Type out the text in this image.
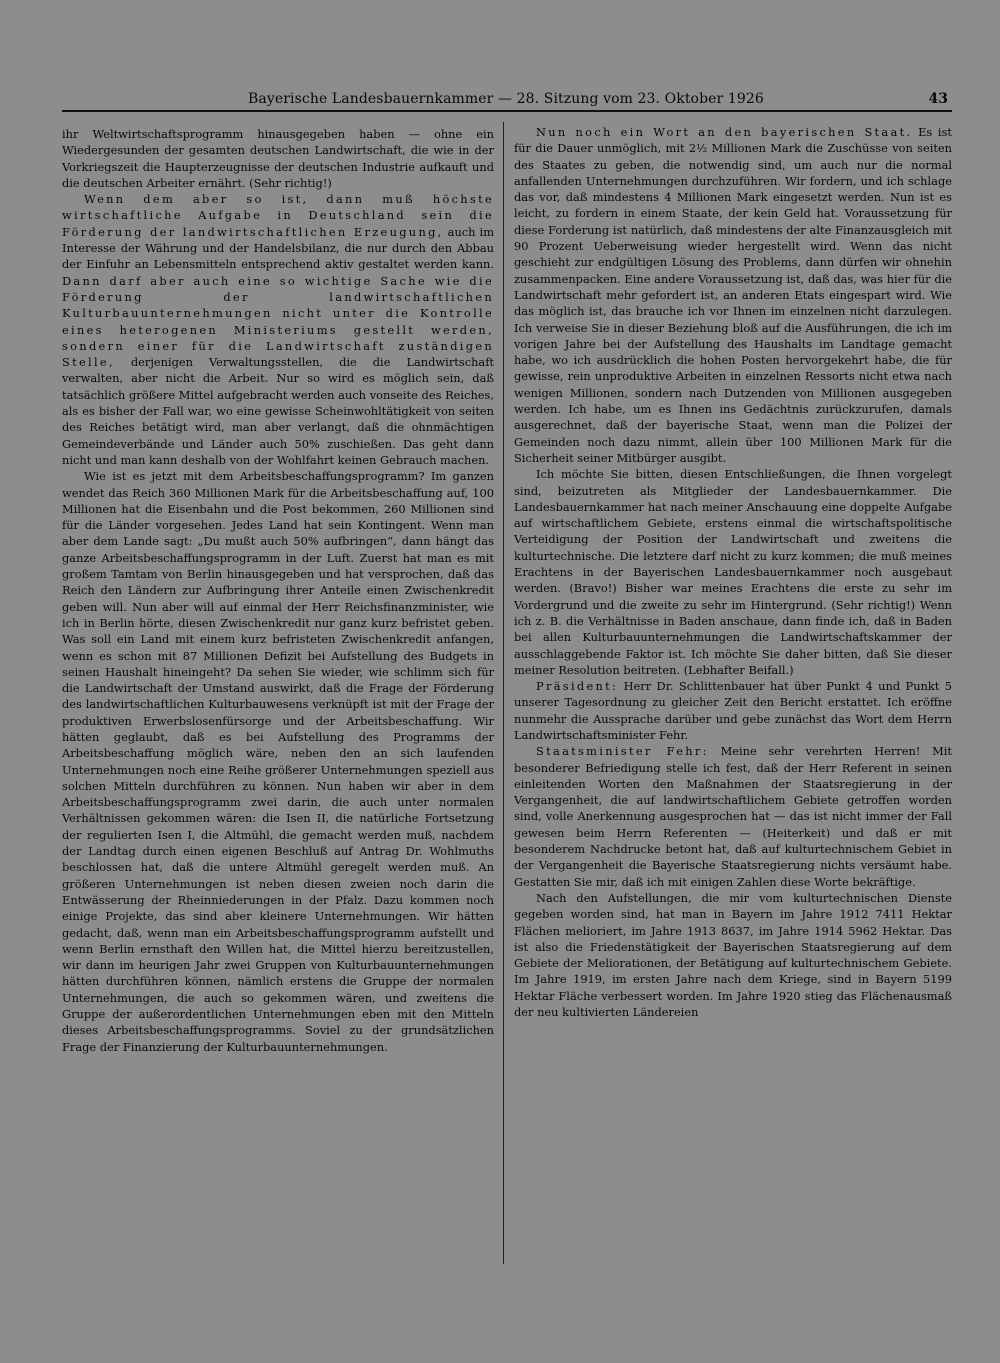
Bayerische Landesbauernkammer — 28. Sitzung vom 23. Oktober 1926	43

ihr Weltwirtschaftsprogramm hinausgegeben haben — ohne ein Wiedergesunden der gesamten deutschen Landwirtschaft, die wie in der Vorkriegszeit die Haupterzeugnisse der deutschen Industrie aufkauft und die deutschen Arbeiter ernährt. (Sehr richtig!)

Wenn dem aber so ist, dann muß höchste wirtschaftliche Aufgabe in Deutschland sein die Förderung der landwirtschaftlichen Erzeugung, auch im Interesse der Währung und der Handelsbilanz, die nur durch den Abbau der Einfuhr an Lebensmitteln entsprechend aktiv gestaltet werden kann. Dann darf aber auch eine so wichtige Sache wie die Förderung der landwirtschaftlichen Kulturbauunternehmungen nicht unter die Kontrolle eines heterogenen Ministeriums gestellt werden, sondern einer für die Landwirtschaft zuständigen Stelle, derjenigen Verwaltungsstellen, die die Landwirtschaft verwalten, aber nicht die Arbeit. Nur so wird es möglich sein, daß tatsächlich größere Mittel aufgebracht werden auch vonseite des Reiches, als es bisher der Fall war, wo eine gewisse Scheinwohltätigkeit von seiten des Reiches betätigt wird, man aber verlangt, daß die ohnmächtigen Gemeindeverbände und Länder auch 50% zuschießen. Das geht dann nicht und man kann deshalb von der Wohlfahrt keinen Gebrauch machen.

Wie ist es jetzt mit dem Arbeitsbeschaffungsprogramm? Im ganzen wendet das Reich 360 Millionen Mark für die Arbeitsbeschaffung auf, 100 Millionen hat die Eisenbahn und die Post bekommen, 260 Millionen sind für die Länder vorgesehen. Jedes Land hat sein Kontingent. Wenn man aber dem Lande sagt: „Du mußt auch 50% aufbringen“, dann hängt das ganze Arbeitsbeschaffungsprogramm in der Luft. Zuerst hat man es mit großem Tamtam von Berlin hinausgegeben und hat versprochen, daß das Reich den Ländern zur Aufbringung ihrer Anteile einen Zwischenkredit geben will. Nun aber will auf einmal der Herr Reichsfinanzminister, wie ich in Berlin hörte, diesen Zwischenkredit nur ganz kurz befristet geben. Was soll ein Land mit einem kurz befristeten Zwischenkredit anfangen, wenn es schon mit 87 Millionen Defizit bei Aufstellung des Budgets in seinen Haushalt hineingeht? Da sehen Sie wieder, wie schlimm sich für die Landwirtschaft der Umstand auswirkt, daß die Frage der Förderung des landwirtschaftlichen Kulturbauwesens verknüpft ist mit der Frage der produktiven Erwerbslosenfürsorge und der Arbeitsbeschaffung. Wir hätten geglaubt, daß es bei Aufstellung des Programms der Arbeitsbeschaffung möglich wäre, neben den an sich laufenden Unternehmungen noch eine Reihe größerer Unternehmungen speziell aus solchen Mitteln durchführen zu können. Nun haben wir aber in dem Arbeitsbeschaffungsprogramm zwei darin, die auch unter normalen Verhältnissen gekommen wären: die Isen II, die natürliche Fortsetzung der regulierten Isen I, die Altmühl, die gemacht werden muß, nachdem der Landtag durch einen eigenen Beschluß auf Antrag Dr. Wohlmuths beschlossen hat, daß die untere Altmühl geregelt werden muß. An größeren Unternehmungen ist neben diesen zweien noch darin die Entwässerung der Rheinniederungen in der Pfalz. Dazu kommen noch einige Projekte, das sind aber kleinere Unternehmungen. Wir hätten gedacht, daß, wenn man ein Arbeitsbeschaffungsprogramm aufstellt und wenn Berlin ernsthaft den Willen hat, die Mittel hierzu bereitzustellen, wir dann im heurigen Jahr zwei Gruppen von Kulturbauunternehmungen hätten durchführen können, nämlich erstens die Gruppe der normalen Unternehmungen, die auch so gekommen wären, und zweitens die Gruppe der außerordentlichen Unternehmungen eben mit den Mitteln dieses Arbeitsbeschaffungsprogramms. Soviel zu der grundsätzlichen Frage der Finanzierung der Kulturbauunternehmungen.

Nun noch ein Wort an den bayerischen Staat. Es ist für die Dauer unmöglich, mit 2½ Millionen Mark die Zuschüsse von seiten des Staates zu geben, die notwendig sind, um auch nur die normal anfallenden Unternehmungen durchzuführen. Wir fordern, und ich schlage das vor, daß mindestens 4 Millionen Mark eingesetzt werden. Nun ist es leicht, zu fordern in einem Staate, der kein Geld hat. Voraussetzung für diese Forderung ist natürlich, daß mindestens der alte Finanzausgleich mit 90 Prozent Ueberweisung wieder hergestellt wird. Wenn das nicht geschieht zur endgültigen Lösung des Problems, dann dürfen wir ohnehin zusammenpacken. Eine andere Voraussetzung ist, daß das, was hier für die Landwirtschaft mehr gefordert ist, an anderen Etats eingespart wird. Wie das möglich ist, das brauche ich vor Ihnen im einzelnen nicht darzulegen. Ich verweise Sie in dieser Beziehung bloß auf die Ausführungen, die ich im vorigen Jahre bei der Aufstellung des Haushalts im Landtage gemacht habe, wo ich ausdrücklich die hohen Posten hervorgekehrt habe, die für gewisse, rein unproduktive Arbeiten in einzelnen Ressorts nicht etwa nach wenigen Millionen, sondern nach Dutzenden von Millionen ausgegeben werden. Ich habe, um es Ihnen ins Gedächtnis zurückzurufen, damals ausgerechnet, daß der bayerische Staat, wenn man die Polizei der Gemeinden noch dazu nimmt, allein über 100 Millionen Mark für die Sicherheit seiner Mitbürger ausgibt.

Ich möchte Sie bitten, diesen Entschließungen, die Ihnen vorgelegt sind, beizutreten als Mitglieder der Landesbauernkammer. Die Landesbauernkammer hat nach meiner Anschauung eine doppelte Aufgabe auf wirtschaftlichem Gebiete, erstens einmal die wirtschaftspolitische Verteidigung der Position der Landwirtschaft und zweitens die kulturtechnische. Die letztere darf nicht zu kurz kommen; die muß meines Erachtens in der Bayerischen Landesbauernkammer noch ausgebaut werden. (Bravo!) Bisher war meines Erachtens die erste zu sehr im Vordergrund und die zweite zu sehr im Hintergrund. (Sehr richtig!) Wenn ich z. B. die Verhältnisse in Baden anschaue, dann finde ich, daß in Baden bei allen Kulturbauunternehmungen die Landwirtschaftskammer der ausschlaggebende Faktor ist. Ich möchte Sie daher bitten, daß Sie dieser meiner Resolution beitreten. (Lebhafter Beifall.)

Präsident: Herr Dr. Schlittenbauer hat über Punkt 4 und Punkt 5 unserer Tagesordnung zu gleicher Zeit den Bericht erstattet. Ich eröffne nunmehr die Aussprache darüber und gebe zunächst das Wort dem Herrn Landwirtschaftsminister Fehr.

Staatsminister Fehr: Meine sehr verehrten Herren! Mit besonderer Befriedigung stelle ich fest, daß der Herr Referent in seinen einleitenden Worten den Maßnahmen der Staatsregierung in der Vergangenheit, die auf landwirtschaftlichem Gebiete getroffen worden sind, volle Anerkennung ausgesprochen hat — das ist nicht immer der Fall gewesen beim Herrn Referenten — (Heiterkeit) und daß er mit besonderem Nachdrucke betont hat, daß auf kulturtechnischem Gebiet in der Vergangenheit die Bayerische Staatsregierung nichts versäumt habe. Gestatten Sie mir, daß ich mit einigen Zahlen diese Worte bekräftige.

Nach den Aufstellungen, die mir vom kulturtechnischen Dienste gegeben worden sind, hat man in Bayern im Jahre 1912 7411 Hektar Flächen melioriert, im Jahre 1913 8637, im Jahre 1914 5962 Hektar. Das ist also die Friedenstätigkeit der Bayerischen Staatsregierung auf dem Gebiete der Meliorationen, der Betätigung auf kulturtechnischem Gebiete. Im Jahre 1919, im ersten Jahre nach dem Kriege, sind in Bayern 5199 Hektar Fläche verbessert worden. Im Jahre 1920 stieg das Flächenausmaß der neu kultivierten Ländereien
